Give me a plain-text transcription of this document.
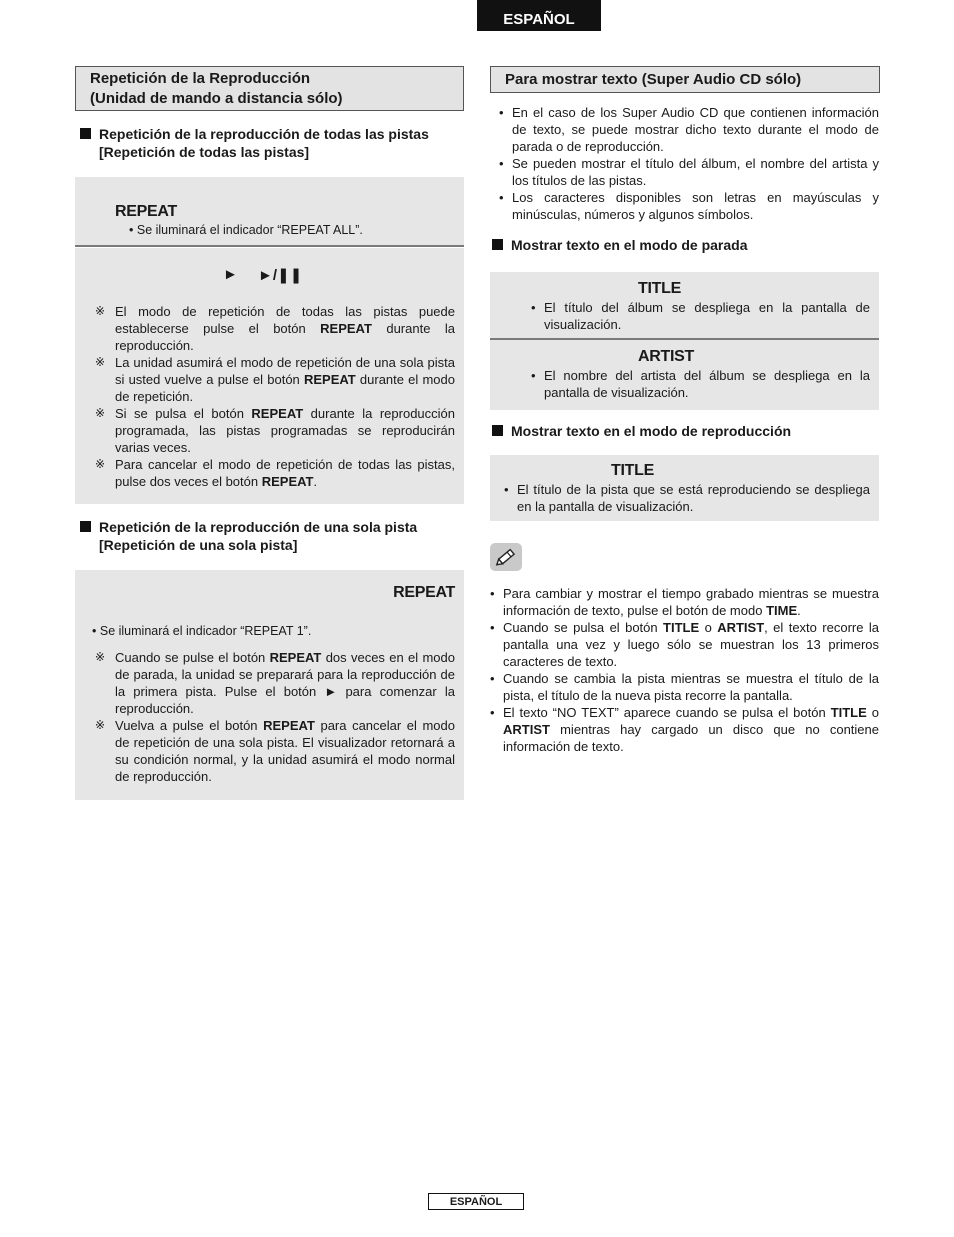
ESPAÑOL
Repetición de la Reproducción
(Unidad de mando a distancia sólo)
Repetición de la reproducción de todas las pistas
[Repetición de todas las pistas]
REPEAT
• Se iluminará el indicador “REPEAT ALL”.
► ►/❚❚
※ El modo de repetición de todas las pistas puede establecerse pulse el botón REPEAT durante la reproducción.
※ La unidad asumirá el modo de repetición de una sola pista si usted vuelve a pulse el botón REPEAT durante el modo de repetición.
※ Si se pulsa el botón REPEAT durante la reproducción programada, las pistas programadas se reproducirán varias veces.
※ Para cancelar el modo de repetición de todas las pistas, pulse dos veces el botón REPEAT.
Repetición de la reproducción de una sola pista
[Repetición de una sola pista]
REPEAT
• Se iluminará el indicador “REPEAT 1”.
※ Cuando se pulse el botón REPEAT dos veces en el modo de parada, la unidad se preparará para la reproducción de la primera pista. Pulse el botón ► para comenzar la reproducción.
※ Vuelva a pulse el botón REPEAT para cancelar el modo de repetición de una sola pista. El visualizador retornará a su condición normal, y la unidad asumirá el modo normal de reproducción.
Para mostrar texto (Super Audio CD sólo)
• En el caso de los Super Audio CD que contienen información de texto, se puede mostrar dicho texto durante el modo de parada o de reproducción.
• Se pueden mostrar el título del álbum, el nombre del artista y los títulos de las pistas.
• Los caracteres disponibles son letras en mayúsculas y minúsculas, números y algunos símbolos.
Mostrar texto en el modo de parada
TITLE
• El título del álbum se despliega en la pantalla de visualización.
ARTIST
• El nombre del artista del álbum se despliega en la pantalla de visualización.
Mostrar texto en el modo de reproducción
TITLE
• El título de la pista que se está reproduciendo se despliega en la pantalla de visualización.
• Para cambiar y mostrar el tiempo grabado mientras se muestra información de texto, pulse el botón de modo TIME.
• Cuando se pulsa el botón TITLE o ARTIST, el texto recorre la pantalla una vez y luego sólo se muestran los 13 primeros caracteres de texto.
• Cuando se cambia la pista mientras se muestra el título de la pista, el título de la nueva pista recorre la pantalla.
• El texto “NO TEXT” aparece cuando se pulsa el botón TITLE o ARTIST mientras hay cargado un disco que no contiene información de texto.
ESPAÑOL
